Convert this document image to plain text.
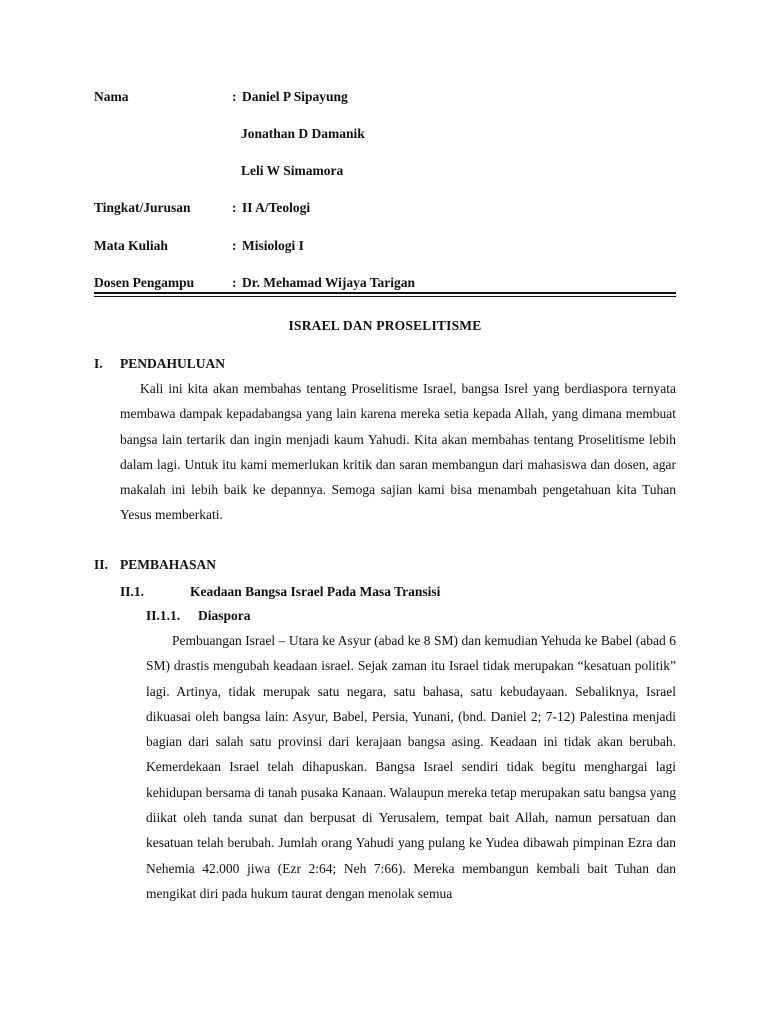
Nama	: Daniel P Sipayung
Jonathan D Damanik
Leli W Simamora
Tingkat/Jurusan	: II A/Teologi
Mata Kuliah	: Misiologi I
Dosen Pengampu	: Dr. Mehamad Wijaya Tarigan
ISRAEL DAN PROSELITISME
I. PENDAHULUAN
Kali ini kita akan membahas tentang Proselitisme Israel, bangsa Isrel yang berdiaspora ternyata membawa dampak kepadabangsa yang lain karena mereka setia kepada Allah, yang dimana membuat bangsa lain tertarik dan ingin menjadi kaum Yahudi. Kita akan membahas tentang Proselitisme lebih dalam lagi. Untuk itu kami memerlukan kritik dan saran membangun dari mahasiswa dan dosen, agar makalah ini lebih baik ke depannya. Semoga sajian kami bisa menambah pengetahuan kita Tuhan Yesus memberkati.
II. PEMBAHASAN
II.1.	Keadaan Bangsa Israel Pada Masa Transisi
II.1.1. Diaspora
Pembuangan Israel – Utara ke Asyur (abad ke 8 SM) dan kemudian Yehuda ke Babel (abad 6 SM) drastis mengubah keadaan israel. Sejak zaman itu Israel tidak merupakan “kesatuan politik” lagi. Artinya, tidak merupak satu negara, satu bahasa, satu kebudayaan. Sebaliknya, Israel dikuasai oleh bangsa lain: Asyur, Babel, Persia, Yunani, (bnd. Daniel 2; 7-12) Palestina menjadi bagian dari salah satu provinsi dari kerajaan bangsa asing. Keadaan ini tidak akan berubah. Kemerdekaan Israel telah dihapuskan. Bangsa Israel sendiri tidak begitu menghargai lagi kehidupan bersama di tanah pusaka Kanaan. Walaupun mereka tetap merupakan satu bangsa yang diikat oleh tanda sunat dan berpusat di Yerusalem, tempat bait Allah, namun persatuan dan kesatuan telah berubah. Jumlah orang Yahudi yang pulang ke Yudea dibawah pimpinan Ezra dan Nehemia 42.000 jiwa (Ezr 2:64; Neh 7:66). Mereka membangun kembali bait Tuhan dan mengikat diri pada hukum taurat dengan menolak semua
